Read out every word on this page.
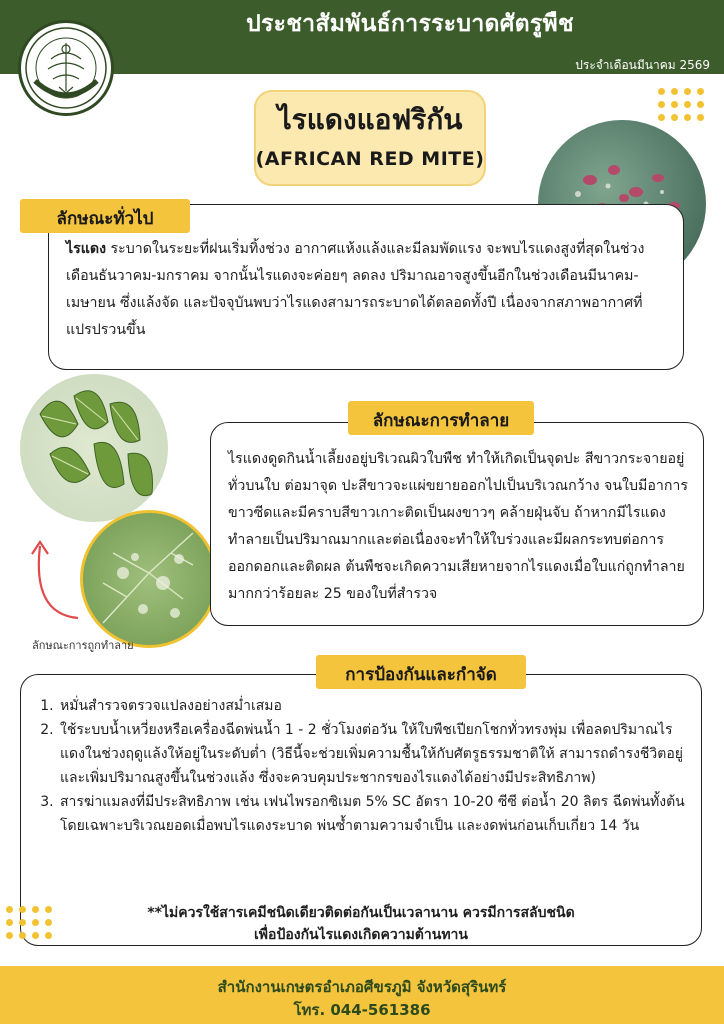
ประชาสัมพันธ์การระบาดศัตรูพืช
ประจำเดือนมีนาคม 2569
ไรแดงแอฟริกัน
(AFRICAN RED MITE)
ลักษณะทั่วไป
ไรแดง ระบาดในระยะที่ฝนเริ่มทิ้งช่วง อากาศแห้งแล้งและมีลมพัดแรง จะพบไรแดงสูงที่สุดในช่วงเดือนธันวาคม-มกราคม จากนั้นไรแดงจะค่อยๆ ลดลง ปริมาณอาจสูงขึ้นอีกในช่วงเดือนมีนาคม-เมษายน ซึ่งแล้งจัด และปัจจุบันพบว่าไรแดงสามารถระบาดได้ตลอดทั้งปี เนื่องจากสภาพอากาศที่แปรปรวนขึ้น
ลักษณะการถูกทำลาย
ลักษณะการทำลาย
ไรแดงดูดกินน้ำเลี้ยงอยู่บริเวณผิวใบพืช ทำให้เกิดเป็นจุดปะ สีขาวกระจายอยู่ทั่วบนใบ ต่อมาจุด ปะสีขาวจะแผ่ขยายออกไปเป็นบริเวณกว้าง จนใบมีอาการขาวซีดและมีคราบสีขาวเกาะติดเป็นผงขาวๆ คล้ายฝุ่นจับ ถ้าหากมีไรแดงทำลายเป็นปริมาณมากและต่อเนื่องจะทำให้ใบร่วงและมีผลกระทบต่อการออกดอกและติดผล ต้นพืชจะเกิดความเสียหายจากไรแดงเมื่อใบแก่ถูกทำลายมากกว่าร้อยละ 25 ของใบที่สำรวจ
การป้องกันและกำจัด
1. หมั่นสำรวจตรวจแปลงอย่างสม่ำเสมอ
2. ใช้ระบบน้ำเหวี่ยงหรือเครื่องฉีดพ่นน้ำ 1 - 2 ชั่วโมงต่อวัน ให้ใบพืชเปียกโชกทั่วทรงพุ่ม เพื่อลดปริมาณไรแดงในช่วงฤดูแล้งให้อยู่ในระดับต่ำ (วิธีนี้จะช่วยเพิ่มความชื้นให้กับศัตรูธรรมชาติให้ สามารถดำรงชีวิตอยู่และเพิ่มปริมาณสูงขึ้นในช่วงแล้ง ซึ่งจะควบคุมประชากรของไรแดงได้อย่างมีประสิทธิภาพ)
3. สารฆ่าแมลงที่มีประสิทธิภาพ เช่น เฟนไพรอกซิเมต 5% SC อัตรา 10-20 ซีซี ต่อน้ำ 20 ลิตร ฉีดพ่นทั้งต้นโดยเฉพาะบริเวณยอดเมื่อพบไรแดงระบาด พ่นซ้ำตามความจำเป็น และงดพ่นก่อนเก็บเกี่ยว 14 วัน
**ไม่ควรใช้สารเคมีชนิดเดียวติดต่อกันเป็นเวลานาน ควรมีการสลับชนิด
เพื่อป้องกันไรแดงเกิดความต้านทาน
สำนักงานเกษตรอำเภอศีขรภูมิ จังหวัดสุรินทร์
โทร. 044-561386
